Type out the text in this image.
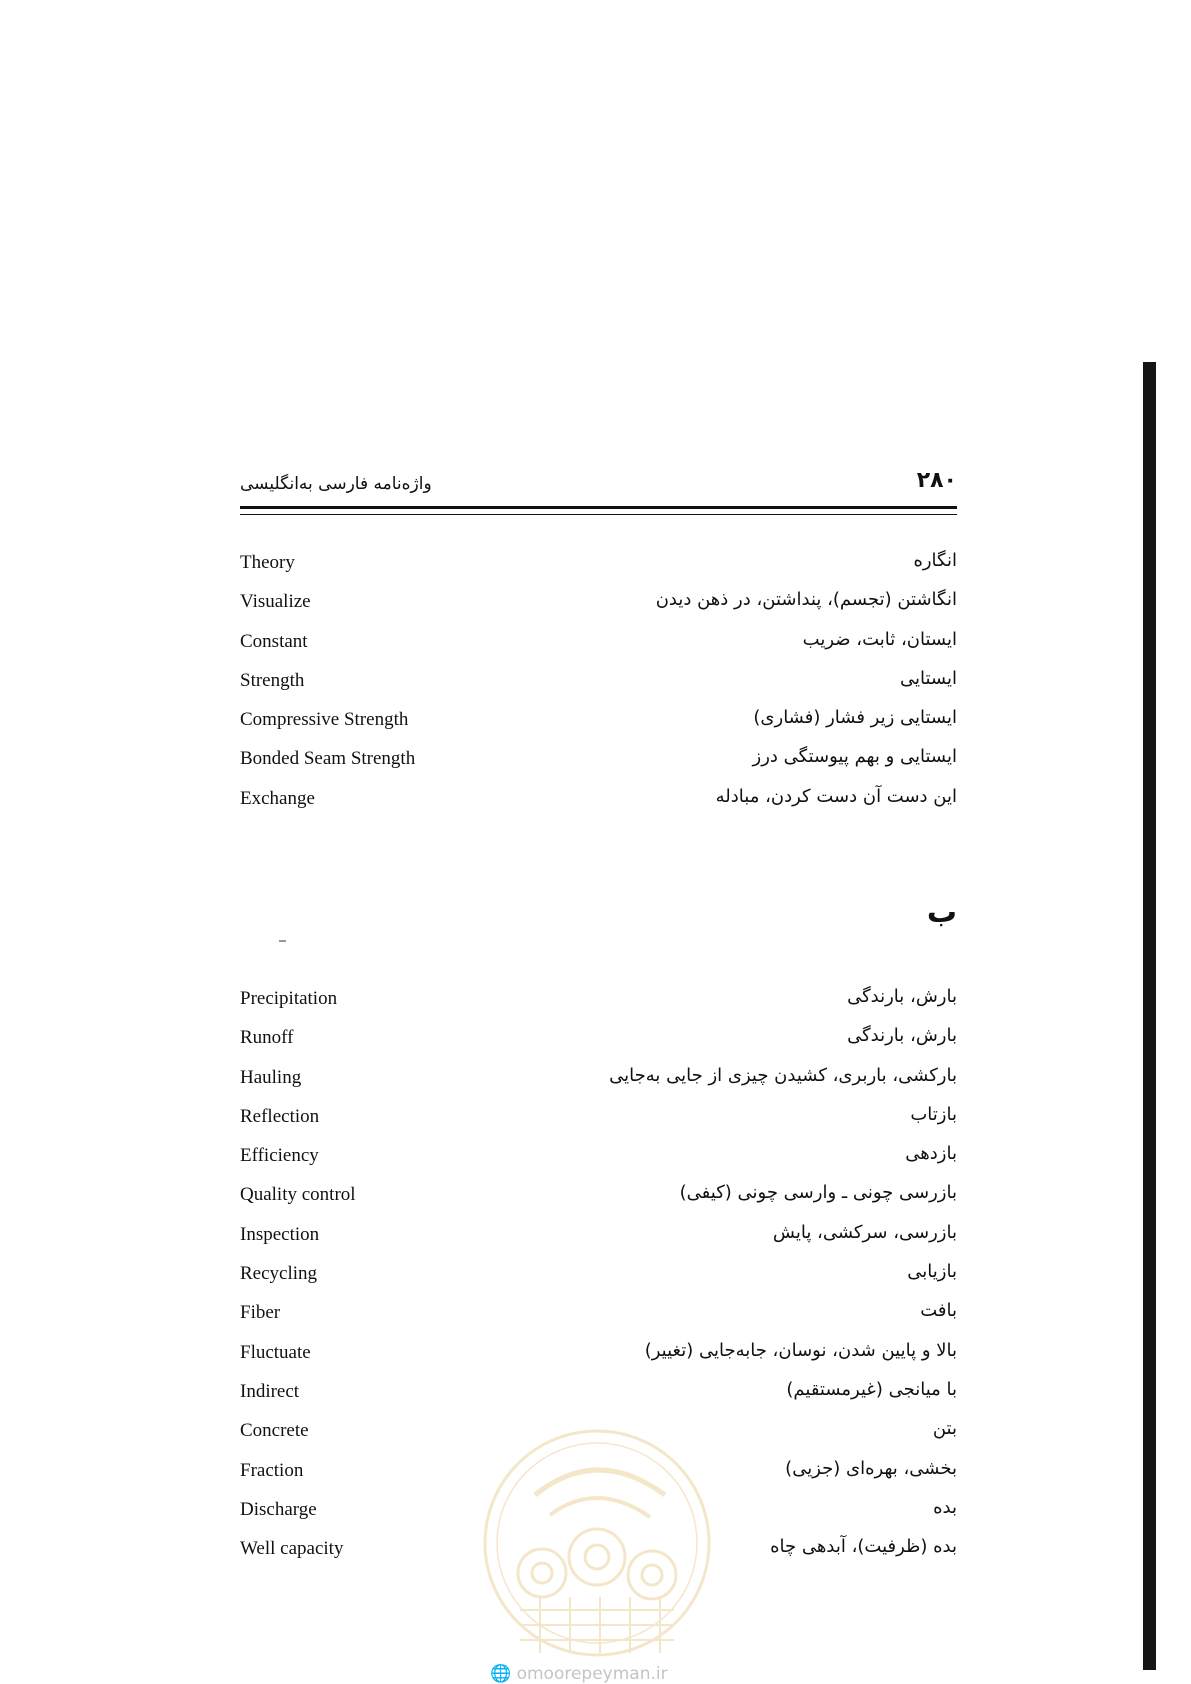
واژه‌نامه فارسی به‌انگلیسی	۲۸۰
Theory	انگاره
Visualize	انگاشتن (تجسم)، پنداشتن، در ذهن دیدن
Constant	ایستان، ثابت، ضریب
Strength	ایستایی
Compressive Strength	ایستایی زیر فشار (فشاری)
Bonded Seam Strength	ایستایی و بهم پیوستگی درز
Exchange	این دست آن دست کردن، مبادله
ب
Precipitation	بارش، بارندگی
Runoff	بارش، بارندگی
Hauling	بارکشی، باربری، کشیدن چیزی از جایی به‌جایی
Reflection	بازتاب
Efficiency	بازدهی
Quality control	بازرسی چونی ـ وارسی چونی (کیفی)
Inspection	بازرسی، سرکشی، پایش
Recycling	بازیابی
Fiber	بافت
Fluctuate	بالا و پایین شدن، نوسان، جابه‌جایی (تغییر)
Indirect	با میانجی (غیرمستقیم)
Concrete	بتن
Fraction	بخشی، بهره‌ای (جزیی)
Discharge	بده
Well capacity	بده (ظرفیت)، آبدهی چاه
🌐 omoorepeyman.ir
